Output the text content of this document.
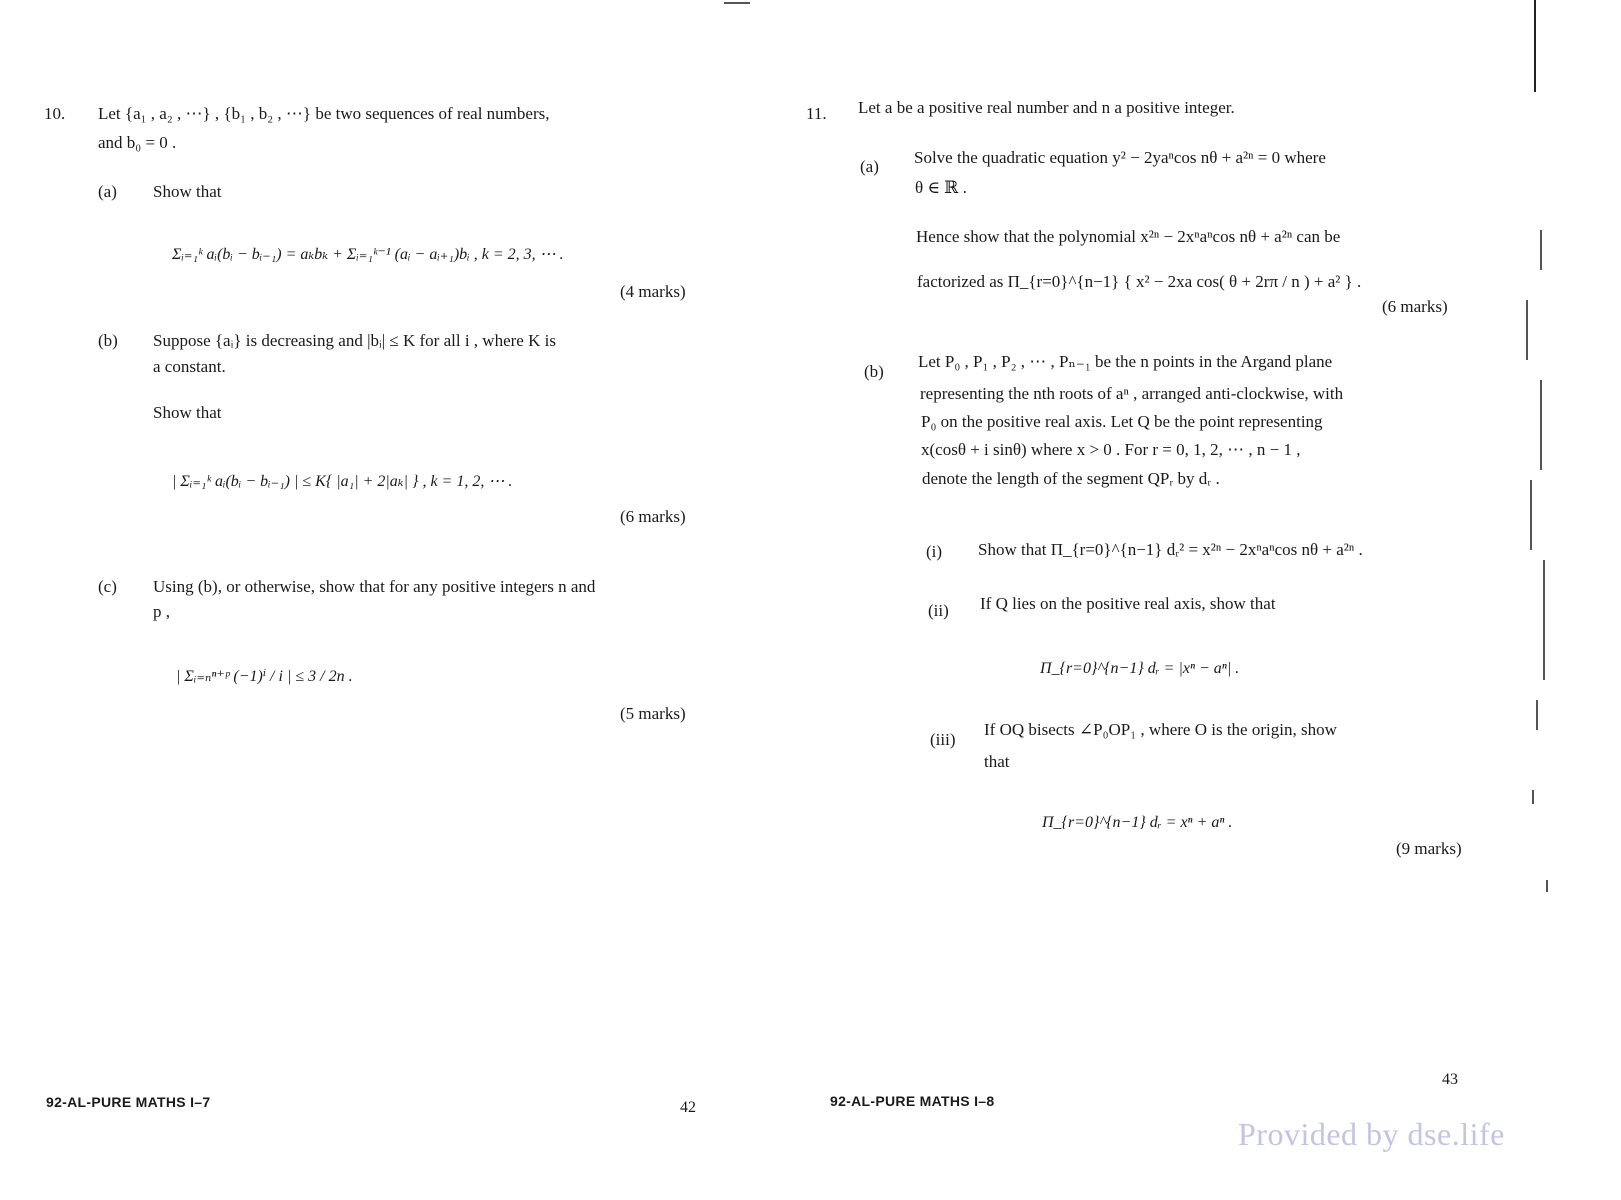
10. Let {a₁ , a₂ , ⋯} , {b₁ , b₂ , ⋯} be two sequences of real numbers,
and b₀ = 0 .
(a) Show that
Σᵢ₌₁ᵏ aᵢ(bᵢ − bᵢ₋₁) = aₖbₖ + Σᵢ₌₁ᵏ⁻¹ (aᵢ − aᵢ₊₁)bᵢ , k = 2, 3, ⋯ .
(4 marks)
(b) Suppose {aᵢ} is decreasing and |bᵢ| ≤ K for all i , where K is
a constant.
Show that
| Σᵢ₌₁ᵏ aᵢ(bᵢ − bᵢ₋₁) | ≤ K{ |a₁| + 2|aₖ| } , k = 1, 2, ⋯ .
(6 marks)
(c) Using (b), or otherwise, show that for any positive integers n and
p ,
| Σᵢ₌ₙⁿ⁺ᵖ (−1)ⁱ / i | ≤ 3 / 2n .
(5 marks)
92-AL-PURE MATHS I–7	42
11. Let a be a positive real number and n a positive integer.
(a) Solve the quadratic equation y² − 2yaⁿcos nθ + a²ⁿ = 0 where
θ ∈ ℝ .
Hence show that the polynomial x²ⁿ − 2xⁿaⁿcos nθ + a²ⁿ can be
factorized as Π_{r=0}^{n−1} { x² − 2xa cos( θ + 2rπ / n ) + a² } .
(6 marks)
(b)
Let P₀ , P₁ , P₂ , ⋯ , Pₙ₋₁ be the n points in the Argand plane
representing the nth roots of aⁿ , arranged anti-clockwise, with
P₀ on the positive real axis. Let Q be the point representing
x(cosθ + i sinθ) where x > 0 . For r = 0, 1, 2, ⋯ , n − 1 ,
denote the length of the segment QPᵣ by dᵣ .
(i) Show that Π_{r=0}^{n−1} dᵣ² = x²ⁿ − 2xⁿaⁿcos nθ + a²ⁿ .
(ii) If Q lies on the positive real axis, show that
Π_{r=0}^{n−1} dᵣ = |xⁿ − aⁿ| .
(iii)
If OQ bisects ∠P₀OP₁ , where O is the origin, show
that
Π_{r=0}^{n−1} dᵣ = xⁿ + aⁿ .
(9 marks)
92-AL-PURE MATHS I–8
43
Provided by dse.life
